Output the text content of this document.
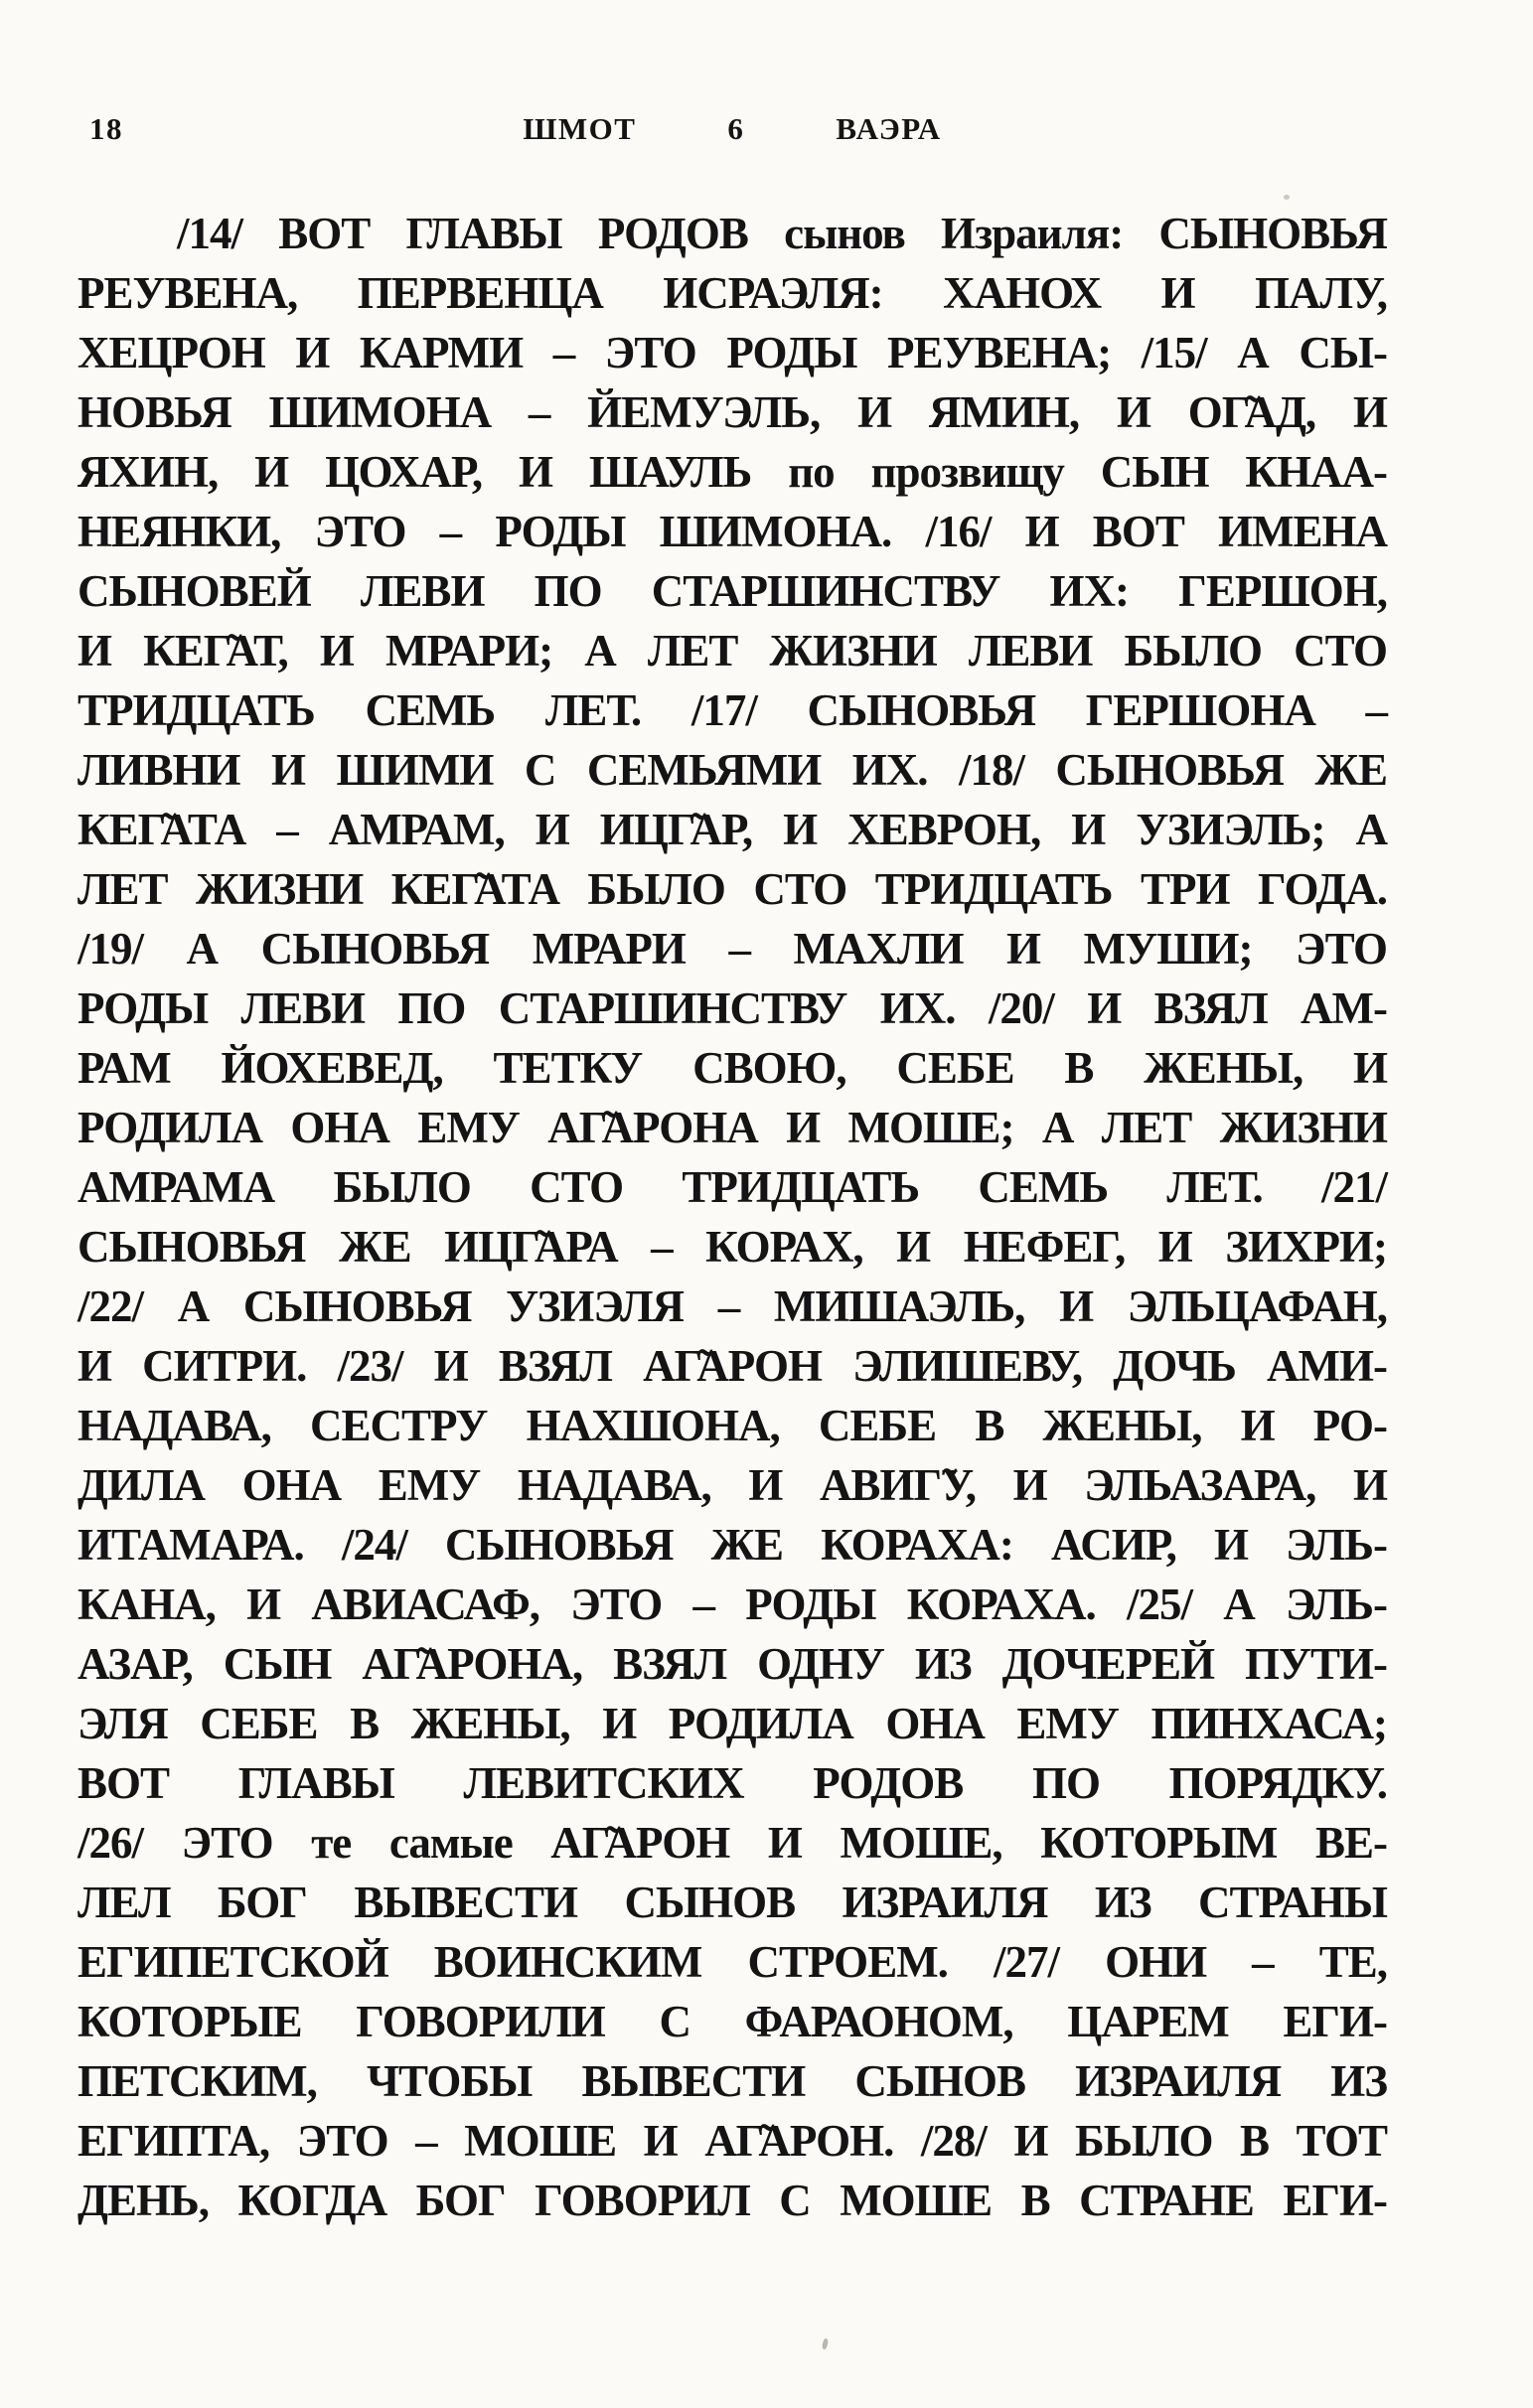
18	ШМОТ	6	ВАЭРА
/14/ ВОТ ГЛАВЫ РОДОВ сынов Израиля: СЫНОВЬЯ
РЕУВЕНА, ПЕРВЕНЦА ИСРАЭЛЯ: ХАНОХ И ПАЛУ,
ХЕЦРОН И КАРМИ – ЭТО РОДЫ РЕУВЕНА; /15/ А СЫ-
НОВЬЯ ШИМОНА – ЙЕМУЭЛЬ, И ЯМИН, И ОГ̃АД, И
ЯХИН, И ЦОХАР, И ШАУЛЬ по прозвищу СЫН КНАА-
НЕЯНКИ, ЭТО – РОДЫ ШИМОНА. /16/ И ВОТ ИМЕНА
СЫНОВЕЙ ЛЕВИ ПО СТАРШИНСТВУ ИХ: ГЕРШОН,
И КЕГ̃АТ, И МРАРИ; А ЛЕТ ЖИЗНИ ЛЕВИ БЫЛО СТО
ТРИДЦАТЬ СЕМЬ ЛЕТ. /17/ СЫНОВЬЯ ГЕРШОНА –
ЛИВНИ И ШИМИ С СЕМЬЯМИ ИХ. /18/ СЫНОВЬЯ ЖЕ
КЕГ̃АТА – АМРАМ, И ИЦГ̃АР, И ХЕВРОН, И УЗИЭЛЬ; А
ЛЕТ ЖИЗНИ КЕГ̃АТА БЫЛО СТО ТРИДЦАТЬ ТРИ ГОДА.
/19/ А СЫНОВЬЯ МРАРИ – МАХЛИ И МУШИ; ЭТО
РОДЫ ЛЕВИ ПО СТАРШИНСТВУ ИХ. /20/ И ВЗЯЛ АМ-
РАМ ЙОХЕВЕД, ТЕТКУ СВОЮ, СЕБЕ В ЖЕНЫ, И
РОДИЛА ОНА ЕМУ АГ̃АРОНА И МОШЕ; А ЛЕТ ЖИЗНИ
АМРАМА БЫЛО СТО ТРИДЦАТЬ СЕМЬ ЛЕТ. /21/
СЫНОВЬЯ ЖЕ ИЦГ̃АРА – КОРАХ, И НЕФЕГ, И ЗИХРИ;
/22/ А СЫНОВЬЯ УЗИЭЛЯ – МИШАЭЛЬ, И ЭЛЬЦАФАН,
И СИТРИ. /23/ И ВЗЯЛ АГ̃АРОН ЭЛИШЕВУ, ДОЧЬ АМИ-
НАДАВА, СЕСТРУ НАХШОНА, СЕБЕ В ЖЕНЫ, И РО-
ДИЛА ОНА ЕМУ НАДАВА, И АВИГ̃У, И ЭЛЬАЗАРА, И
ИТАМАРА. /24/ СЫНОВЬЯ ЖЕ КОРАХА: АСИР, И ЭЛЬ-
КАНА, И АВИАСАФ, ЭТО – РОДЫ КОРАХА. /25/ А ЭЛЬ-
АЗАР, СЫН АГ̃АРОНА, ВЗЯЛ ОДНУ ИЗ ДОЧЕРЕЙ ПУТИ-
ЭЛЯ СЕБЕ В ЖЕНЫ, И РОДИЛА ОНА ЕМУ ПИНХАСА;
ВОТ ГЛАВЫ ЛЕВИТСКИХ РОДОВ ПО ПОРЯДКУ.
/26/ ЭТО те самые АГ̃АРОН И МОШЕ, КОТОРЫМ ВЕ-
ЛЕЛ БОГ ВЫВЕСТИ СЫНОВ ИЗРАИЛЯ ИЗ СТРАНЫ
ЕГИПЕТСКОЙ ВОИНСКИМ СТРОЕМ. /27/ ОНИ – ТЕ,
КОТОРЫЕ ГОВОРИЛИ С ФАРАОНОМ, ЦАРЕМ ЕГИ-
ПЕТСКИМ, ЧТОБЫ ВЫВЕСТИ СЫНОВ ИЗРАИЛЯ ИЗ
ЕГИПТА, ЭТО – МОШЕ И АГ̃АРОН. /28/ И БЫЛО В ТОТ
ДЕНЬ, КОГДА БОГ ГОВОРИЛ С МОШЕ В СТРАНЕ ЕГИ-
